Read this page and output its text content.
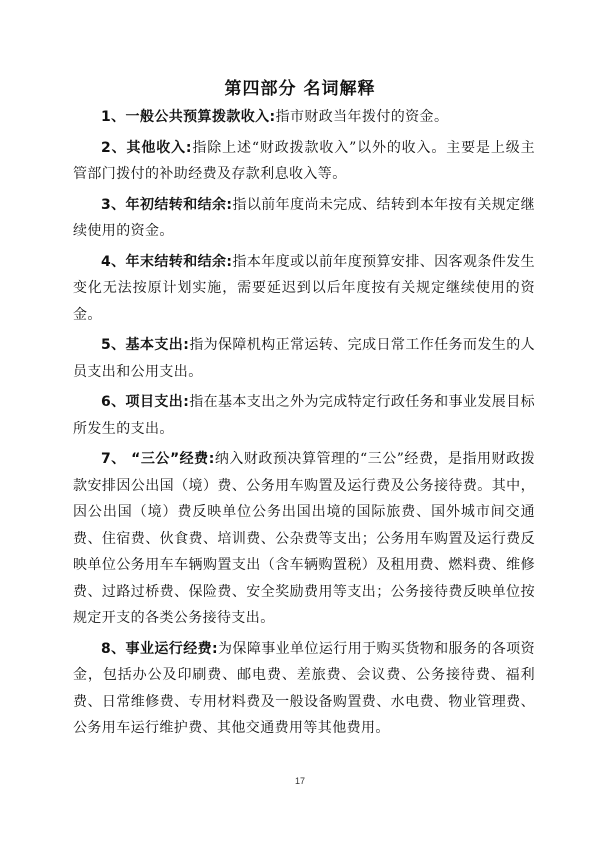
第四部分 名词解释

1、一般公共预算拨款收入:指市财政当年拨付的资金。

2、其他收入:指除上述“财政拨款收入”以外的收入。主要是上级主管部门拨付的补助经费及存款利息收入等。

3、年初结转和结余:指以前年度尚未完成、结转到本年按有关规定继续使用的资金。

4、年末结转和结余:指本年度或以前年度预算安排、因客观条件发生变化无法按原计划实施，需要延迟到以后年度按有关规定继续使用的资金。

5、基本支出:指为保障机构正常运转、完成日常工作任务而发生的人员支出和公用支出。

6、项目支出:指在基本支出之外为完成特定行政任务和事业发展目标所发生的支出。

7、 “三公”经费:纳入财政预决算管理的“三公”经费，是指用财政拨款安排因公出国（境）费、公务用车购置及运行费及公务接待费。其中，因公出国（境）费反映单位公务出国出境的国际旅费、国外城市间交通费、住宿费、伙食费、培训费、公杂费等支出；公务用车购置及运行费反映单位公务用车车辆购置支出（含车辆购置税）及租用费、燃料费、维修费、过路过桥费、保险费、安全奖励费用等支出；公务接待费反映单位按规定开支的各类公务接待支出。

8、事业运行经费:为保障事业单位运行用于购买货物和服务的各项资金，包括办公及印刷费、邮电费、差旅费、会议费、公务接待费、福利费、日常维修费、专用材料费及一般设备购置费、水电费、物业管理费、公务用车运行维护费、其他交通费用等其他费用。

17
